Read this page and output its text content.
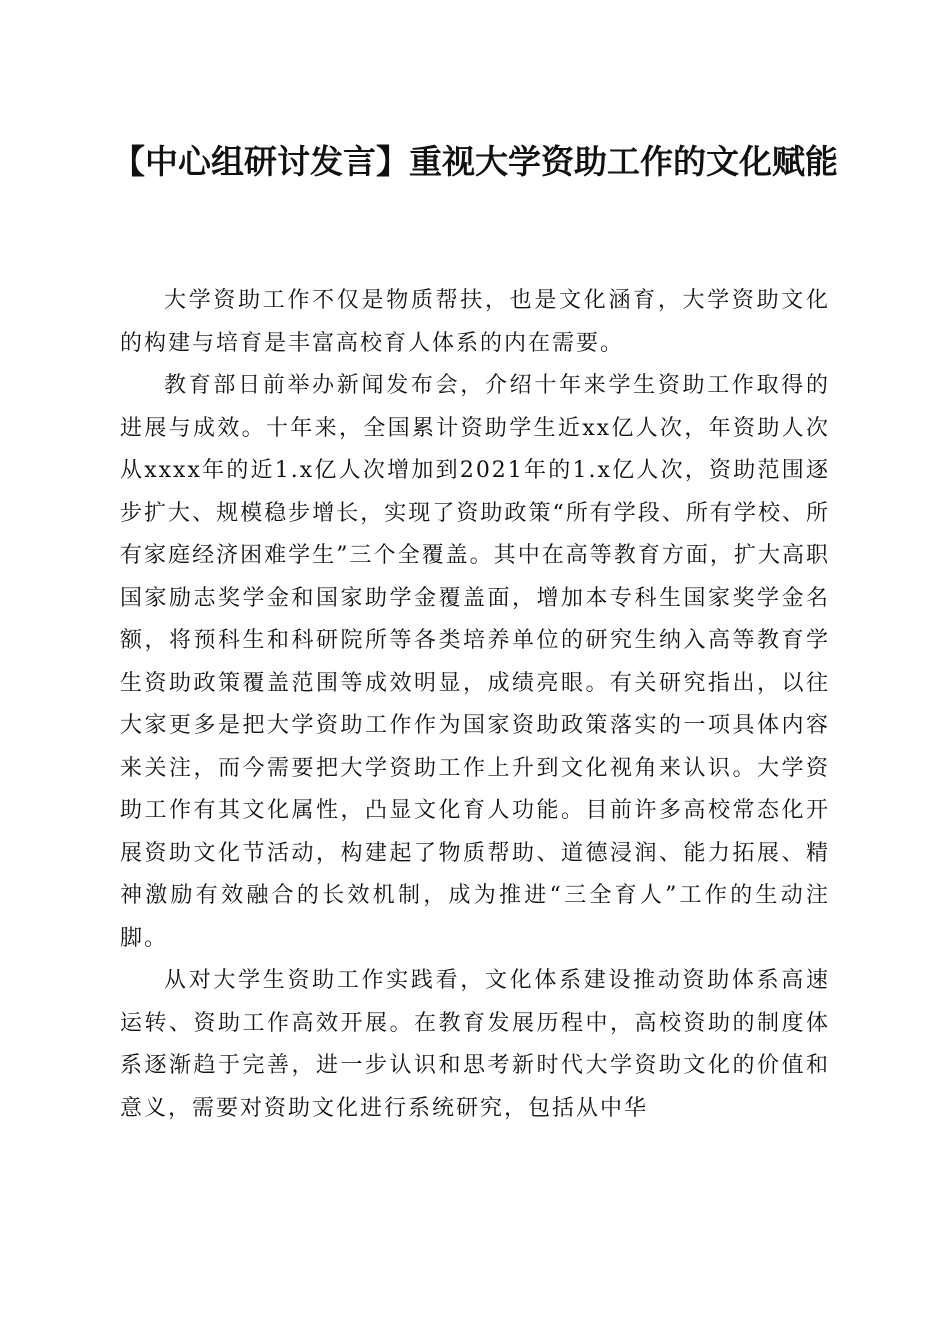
【中心组研讨发言】重视大学资助工作的文化赋能

大学资助工作不仅是物质帮扶，也是文化涵育，大学资助文化的构建与培育是丰富高校育人体系的内在需要。

教育部日前举办新闻发布会，介绍十年来学生资助工作取得的进展与成效。十年来，全国累计资助学生近xx亿人次，年资助人次从xxxx年的近1.x亿人次增加到2021年的1.x亿人次，资助范围逐步扩大、规模稳步增长，实现了资助政策“所有学段、所有学校、所有家庭经济困难学生”三个全覆盖。其中在高等教育方面，扩大高职国家励志奖学金和国家助学金覆盖面，增加本专科生国家奖学金名额，将预科生和科研院所等各类培养单位的研究生纳入高等教育学生资助政策覆盖范围等成效明显，成绩亮眼。有关研究指出，以往大家更多是把大学资助工作作为国家资助政策落实的一项具体内容来关注，而今需要把大学资助工作上升到文化视角来认识。大学资助工作有其文化属性，凸显文化育人功能。目前许多高校常态化开展资助文化节活动，构建起了物质帮助、道德浸润、能力拓展、精神激励有效融合的长效机制，成为推进“三全育人”工作的生动注脚。

从对大学生资助工作实践看，文化体系建设推动资助体系高速运转、资助工作高效开展。在教育发展历程中，高校资助的制度体系逐渐趋于完善，进一步认识和思考新时代大学资助文化的价值和意义，需要对资助文化进行系统研究，包括从中华
